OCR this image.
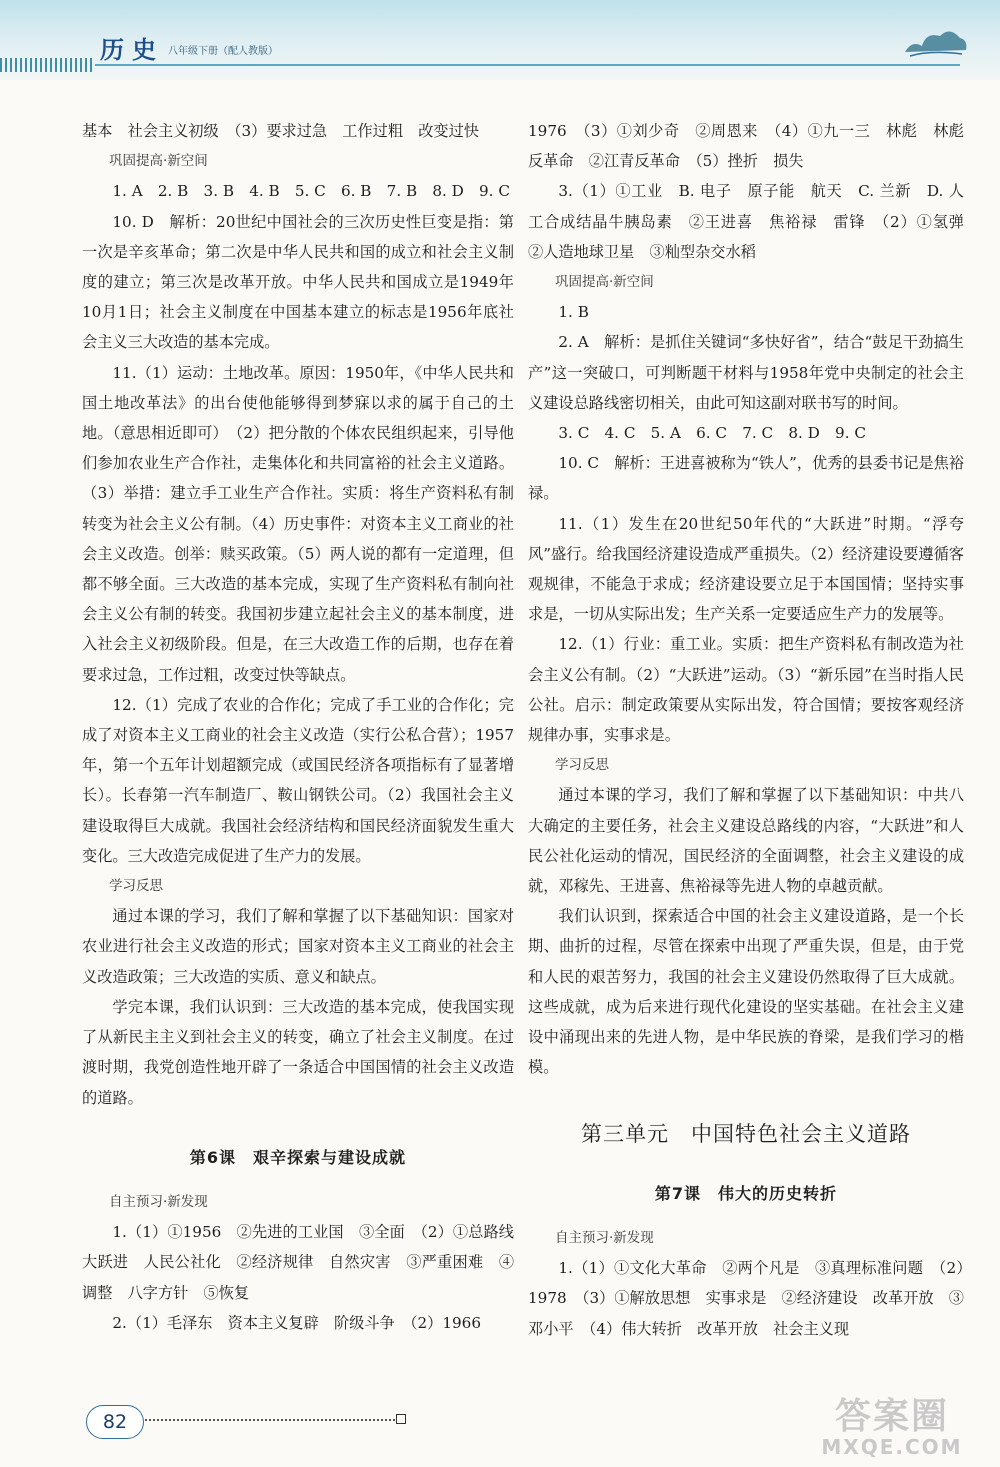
历史 八年级下册（配人教版）

基本　社会主义初级　（3）要求过急　工作过粗　改变过快

巩固提高·新空间

1. A　2. B　3. B　4. B　5. C　6. B　7. B　8. D　9. C

10. D　解析：20世纪中国社会的三次历史性巨变是指：第一次是辛亥革命；第二次是中华人民共和国的成立和社会主义制度的建立；第三次是改革开放。中华人民共和国成立是1949年10月1日；社会主义制度在中国基本建立的标志是1956年底社会主义三大改造的基本完成。

11.（1）运动：土地改革。原因：1950年，《中华人民共和国土地改革法》的出台使他能够得到梦寐以求的属于自己的土地。（意思相近即可）　（2）把分散的个体农民组织起来，引导他们参加农业生产合作社，走集体化和共同富裕的社会主义道路。（3）举措：建立手工业生产合作社。实质：将生产资料私有制转变为社会主义公有制。（4）历史事件：对资本主义工商业的社会主义改造。创举：赎买政策。（5）两人说的都有一定道理，但都不够全面。三大改造的基本完成，实现了生产资料私有制向社会主义公有制的转变。我国初步建立起社会主义的基本制度，进入社会主义初级阶段。但是，在三大改造工作的后期，也存在着要求过急，工作过粗，改变过快等缺点。

12.（1）完成了农业的合作化；完成了手工业的合作化；完成了对资本主义工商业的社会主义改造（实行公私合营）；1957年，第一个五年计划超额完成（或国民经济各项指标有了显著增长）。长春第一汽车制造厂、鞍山钢铁公司。（2）我国社会主义建设取得巨大成就。我国社会经济结构和国民经济面貌发生重大变化。三大改造完成促进了生产力的发展。

学习反思

通过本课的学习，我们了解和掌握了以下基础知识：国家对农业进行社会主义改造的形式；国家对资本主义工商业的社会主义改造政策；三大改造的实质、意义和缺点。

学完本课，我们认识到：三大改造的基本完成，使我国实现了从新民主主义到社会主义的转变，确立了社会主义制度。在过渡时期，我党创造性地开辟了一条适合中国国情的社会主义改造的道路。

第6课　艰辛探索与建设成就

自主预习·新发现

1.（1）①1956　②先进的工业国　③全面　（2）①总路线　大跃进　人民公社化　②经济规律　自然灾害　③严重困难　④调整　八字方针　⑤恢复

2.（1）毛泽东　资本主义复辟　阶级斗争　（2）1966

1976　（3）①刘少奇　②周恩来　（4）①九一三　林彪　林彪反革命　②江青反革命　（5）挫折　损失

3.（1）①工业　B. 电子　原子能　航天　C. 兰新　D. 人工合成结晶牛胰岛素　②王进喜　焦裕禄　雷锋　（2）①氢弹　②人造地球卫星　③籼型杂交水稻

巩固提高·新空间

1. B

2. A　解析：是抓住关键词“多快好省”，结合“鼓足干劲搞生产”这一突破口，可判断题干材料与1958年党中央制定的社会主义建设总路线密切相关，由此可知这副对联书写的时间。

3. C　4. C　5. A　6. C　7. C　8. D　9. C

10. C　解析：王进喜被称为“铁人”，优秀的县委书记是焦裕禄。

11.（1）发生在20世纪50年代的“大跃进”时期。“浮夸风”盛行。给我国经济建设造成严重损失。（2）经济建设要遵循客观规律，不能急于求成；经济建设要立足于本国国情；坚持实事求是，一切从实际出发；生产关系一定要适应生产力的发展等。

12.（1）行业：重工业。实质：把生产资料私有制改造为社会主义公有制。（2）“大跃进”运动。（3）“新乐园”在当时指人民公社。启示：制定政策要从实际出发，符合国情；要按客观经济规律办事，实事求是。

学习反思

通过本课的学习，我们了解和掌握了以下基础知识：中共八大确定的主要任务，社会主义建设总路线的内容，“大跃进”和人民公社化运动的情况，国民经济的全面调整，社会主义建设的成就，邓稼先、王进喜、焦裕禄等先进人物的卓越贡献。

我们认识到，探索适合中国的社会主义建设道路，是一个长期、曲折的过程，尽管在探索中出现了严重失误，但是，由于党和人民的艰苦努力，我国的社会主义建设仍然取得了巨大成就。这些成就，成为后来进行现代化建设的坚实基础。在社会主义建设中涌现出来的先进人物，是中华民族的脊梁，是我们学习的楷模。

第三单元　中国特色社会主义道路
第7课　伟大的历史转折

自主预习·新发现

1.（1）①文化大革命　②两个凡是　③真理标准问题　（2）1978　（3）①解放思想　实事求是　②经济建设　改革开放　③邓小平　（4）伟大转折　改革开放　社会主义现

82	答案圈
MXQE.COM
